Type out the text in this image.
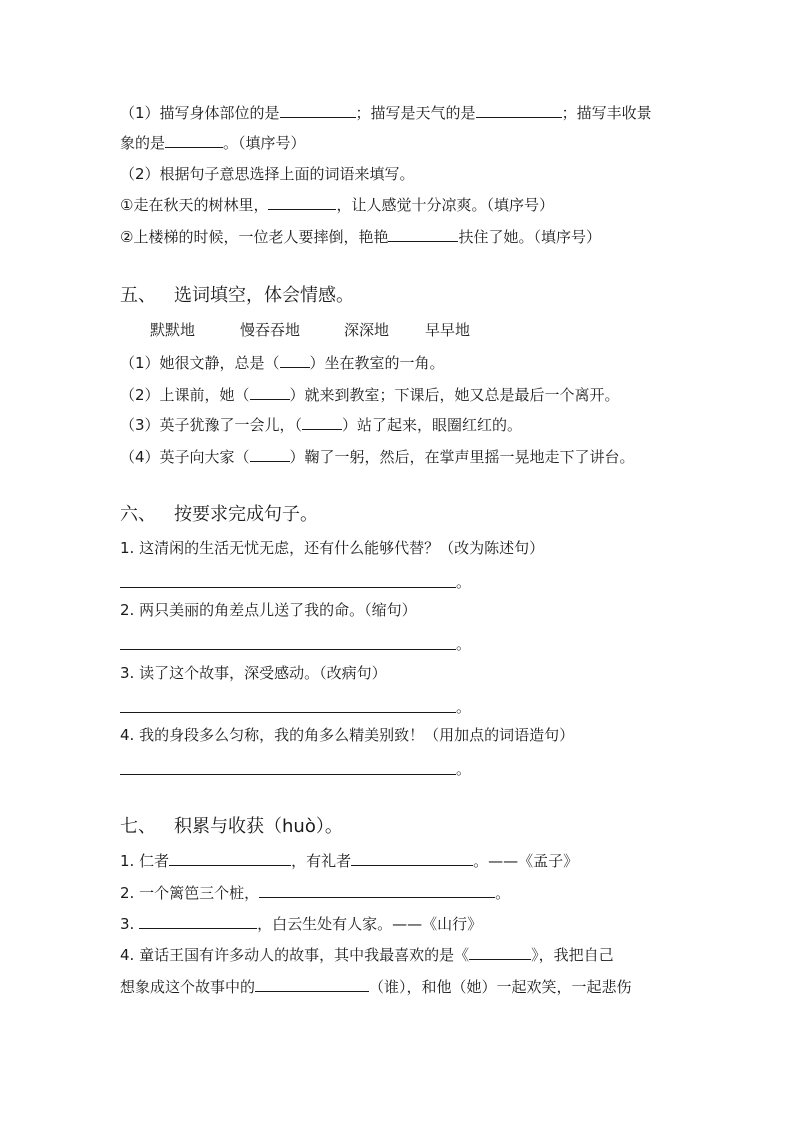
（1）描写身体部位的是	；描写是天气的是	；描写丰收景
象的是	。（填序号）
（2）根据句子意思选择上面的词语来填写。
①走在秋天的树林里，	，让人感觉十分凉爽。（填序号）
②上楼梯的时候，一位老人要摔倒，艳艳	扶住了她。（填序号）
五、 选词填空，体会情感。
默默地	慢吞吞地	深深地 早早地
（1）她很文静，总是（ ）坐在教室的一角。
（2）上课前，她（	）就来到教室；下课后，她又总是最后一个离开。
（3）英子犹豫了一会儿，（	）站了起来，眼圈红红的。
（4）英子向大家（	）鞠了一躬，然后，在掌声里摇一晃地走下了讲台。
六、 按要求完成句子。
1. 这清闲的生活无忧无虑，还有什么能够代替？（改为陈述句）
。
2. 两只美丽的角差点儿送了我的命。（缩句）
。
3. 读了这个故事，深受感动。（改病句）
。
4. 我的身段多么匀称，我的角多么精美别致！（用加点的词语造句）
。
七、 积累与收获（huò）。
1. 仁者	，有礼者	。——《孟子》
2. 一个篱笆三个桩，	。
3.	，白云生处有人家。——《山行》
4. 童话王国有许多动人的故事，其中我最喜欢的是《	》，我把自己
想象成这个故事中的	（谁），和他（她）一起欢笑，一起悲伤
